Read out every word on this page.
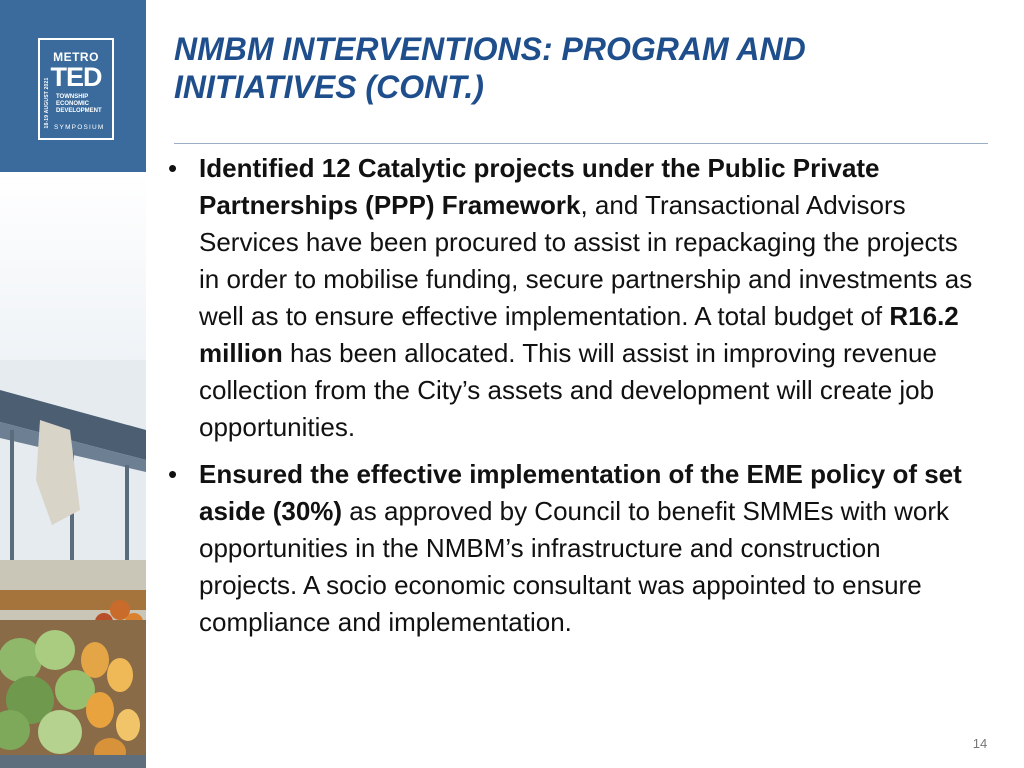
18-19 AUGUST 2021
METRO
TED
TOWNSHIP
ECONOMIC
DEVELOPMENT
SYMPOSIUM
NMBM INTERVENTIONS: PROGRAM AND
INITIATIVES (CONT.)

• Identified 12 Catalytic projects under the Public Private Partnerships (PPP) Framework, and Transactional Advisors Services have been procured to assist in repackaging the projects in order to mobilise funding, secure partnership and investments as well as to ensure effective implementation. A total budget of R16.2 million has been allocated. This will assist in improving revenue collection from the City’s assets and development will create job opportunities.

• Ensured the effective implementation of the EME policy of set aside (30%) as approved by Council to benefit SMMEs with work opportunities in the NMBM’s infrastructure and construction projects. A socio economic consultant was appointed to ensure compliance and implementation.

14
